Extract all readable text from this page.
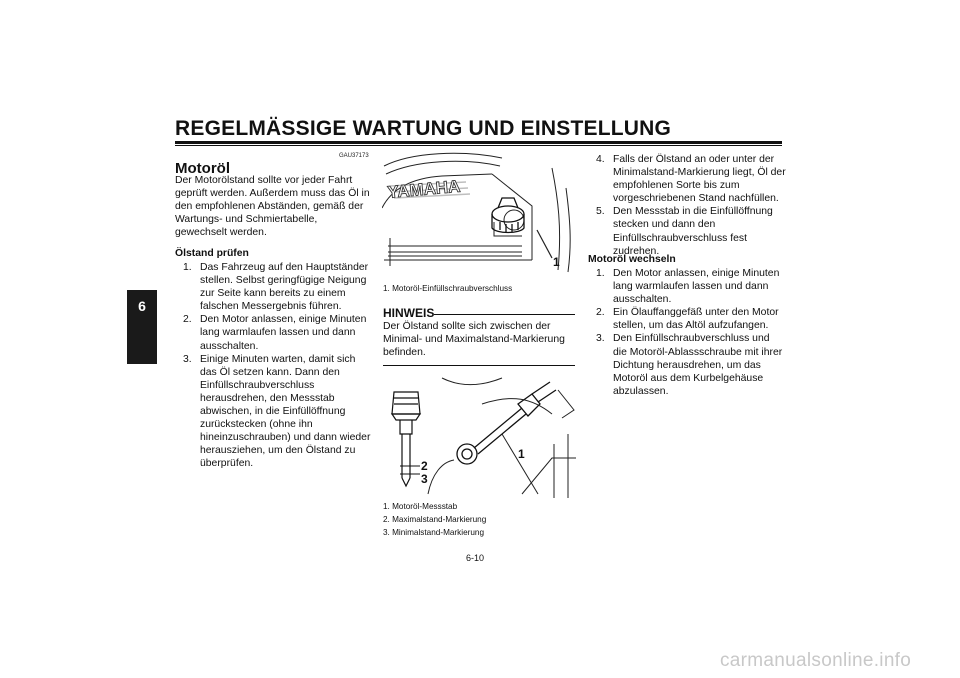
REGELMÄSSIGE WARTUNG UND EINSTELLUNG
6
GAU37173
Motoröl
Der Motorölstand sollte vor jeder Fahrt geprüft werden. Außerdem muss das Öl in den empfohlenen Abständen, gemäß der Wartungs- und Schmiertabelle, gewechselt werden.
Ölstand prüfen
1. Das Fahrzeug auf den Hauptständer stellen. Selbst geringfügige Neigung zur Seite kann bereits zu einem falschen Messergebnis führen.
2. Den Motor anlassen, einige Minuten lang warmlaufen lassen und dann ausschalten.
3. Einige Minuten warten, damit sich das Öl setzen kann. Dann den Einfüllschraubverschluss herausdrehen, den Messstab abwischen, in die Einfüllöffnung zurückstecken (ohne ihn hineinzuschrauben) und dann wieder herausziehen, um den Ölstand zu überprüfen.
YAMAHA
1
1. Motoröl-Einfüllschraubverschluss
HINWEIS
Der Ölstand sollte sich zwischen der Minimal- und Maximalstand-Markierung befinden.
2
3
1
1. Motoröl-Messstab
2. Maximalstand-Markierung
3. Minimalstand-Markierung
4. Falls der Ölstand an oder unter der Minimalstand-Markierung liegt, Öl der empfohlenen Sorte bis zum vorgeschriebenen Stand nachfüllen.
5. Den Messstab in die Einfüllöffnung stecken und dann den Einfüllschraubverschluss fest zudrehen.
Motoröl wechseln
1. Den Motor anlassen, einige Minuten lang warmlaufen lassen und dann ausschalten.
2. Ein Ölauffanggefäß unter den Motor stellen, um das Altöl aufzufangen.
3. Den Einfüllschraubverschluss und die Motoröl-Ablassschraube mit ihrer Dichtung herausdrehen, um das Motoröl aus dem Kurbelgehäuse abzulassen.
6-10
carmanualsonline.info
